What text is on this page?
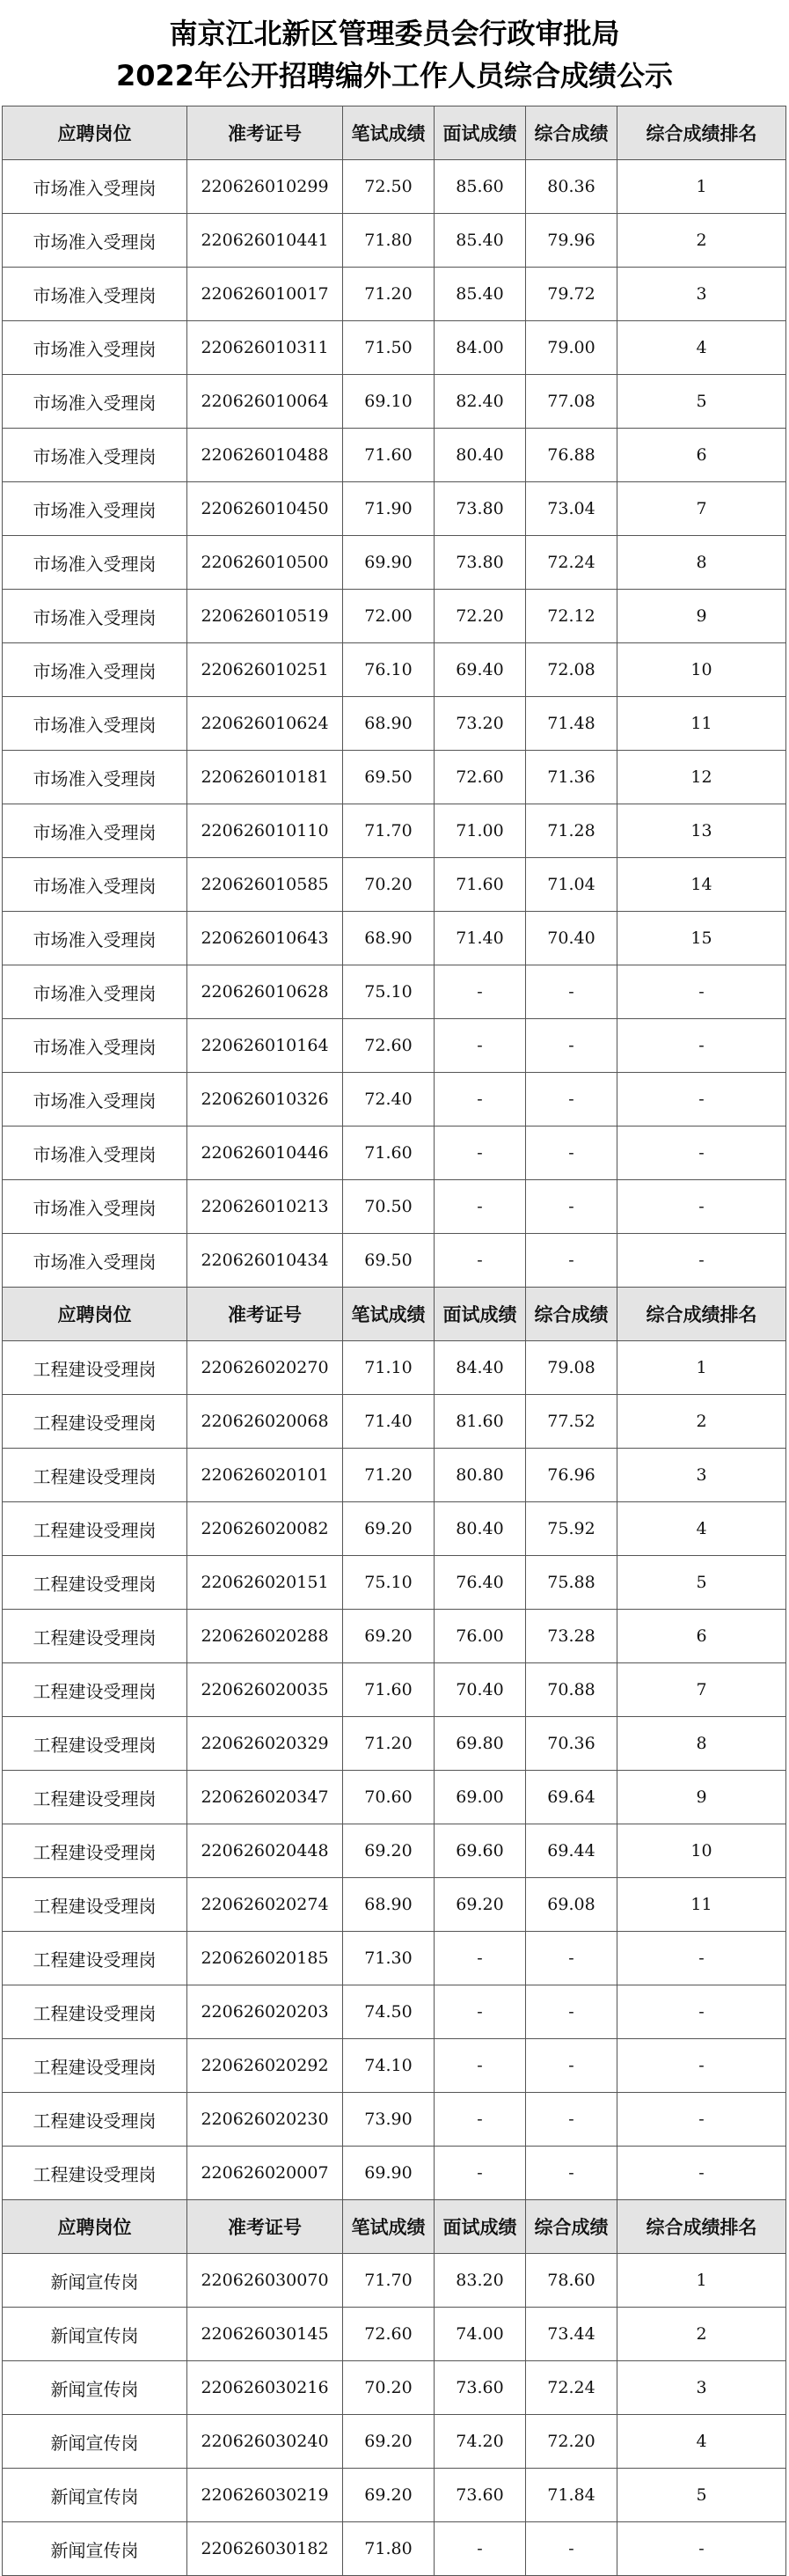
南京江北新区管理委员会行政审批局
2022年公开招聘编外工作人员综合成绩公示
应聘岗位	准考证号	笔试成绩	面试成绩	综合成绩	综合成绩排名
市场准入受理岗	220626010299	72.50	85.60	80.36	1
市场准入受理岗	220626010441	71.80	85.40	79.96	2
市场准入受理岗	220626010017	71.20	85.40	79.72	3
市场准入受理岗	220626010311	71.50	84.00	79.00	4
市场准入受理岗	220626010064	69.10	82.40	77.08	5
市场准入受理岗	220626010488	71.60	80.40	76.88	6
市场准入受理岗	220626010450	71.90	73.80	73.04	7
市场准入受理岗	220626010500	69.90	73.80	72.24	8
市场准入受理岗	220626010519	72.00	72.20	72.12	9
市场准入受理岗	220626010251	76.10	69.40	72.08	10
市场准入受理岗	220626010624	68.90	73.20	71.48	11
市场准入受理岗	220626010181	69.50	72.60	71.36	12
市场准入受理岗	220626010110	71.70	71.00	71.28	13
市场准入受理岗	220626010585	70.20	71.60	71.04	14
市场准入受理岗	220626010643	68.90	71.40	70.40	15
市场准入受理岗	220626010628	75.10	-	-	-
市场准入受理岗	220626010164	72.60	-	-	-
市场准入受理岗	220626010326	72.40	-	-	-
市场准入受理岗	220626010446	71.60	-	-	-
市场准入受理岗	220626010213	70.50	-	-	-
市场准入受理岗	220626010434	69.50	-	-	-
应聘岗位	准考证号	笔试成绩	面试成绩	综合成绩	综合成绩排名
工程建设受理岗	220626020270	71.10	84.40	79.08	1
工程建设受理岗	220626020068	71.40	81.60	77.52	2
工程建设受理岗	220626020101	71.20	80.80	76.96	3
工程建设受理岗	220626020082	69.20	80.40	75.92	4
工程建设受理岗	220626020151	75.10	76.40	75.88	5
工程建设受理岗	220626020288	69.20	76.00	73.28	6
工程建设受理岗	220626020035	71.60	70.40	70.88	7
工程建设受理岗	220626020329	71.20	69.80	70.36	8
工程建设受理岗	220626020347	70.60	69.00	69.64	9
工程建设受理岗	220626020448	69.20	69.60	69.44	10
工程建设受理岗	220626020274	68.90	69.20	69.08	11
工程建设受理岗	220626020185	71.30	-	-	-
工程建设受理岗	220626020203	74.50	-	-	-
工程建设受理岗	220626020292	74.10	-	-	-
工程建设受理岗	220626020230	73.90	-	-	-
工程建设受理岗	220626020007	69.90	-	-	-
应聘岗位	准考证号	笔试成绩	面试成绩	综合成绩	综合成绩排名
新闻宣传岗	220626030070	71.70	83.20	78.60	1
新闻宣传岗	220626030145	72.60	74.00	73.44	2
新闻宣传岗	220626030216	70.20	73.60	72.24	3
新闻宣传岗	220626030240	69.20	74.20	72.20	4
新闻宣传岗	220626030219	69.20	73.60	71.84	5
新闻宣传岗	220626030182	71.80	-	-	-
